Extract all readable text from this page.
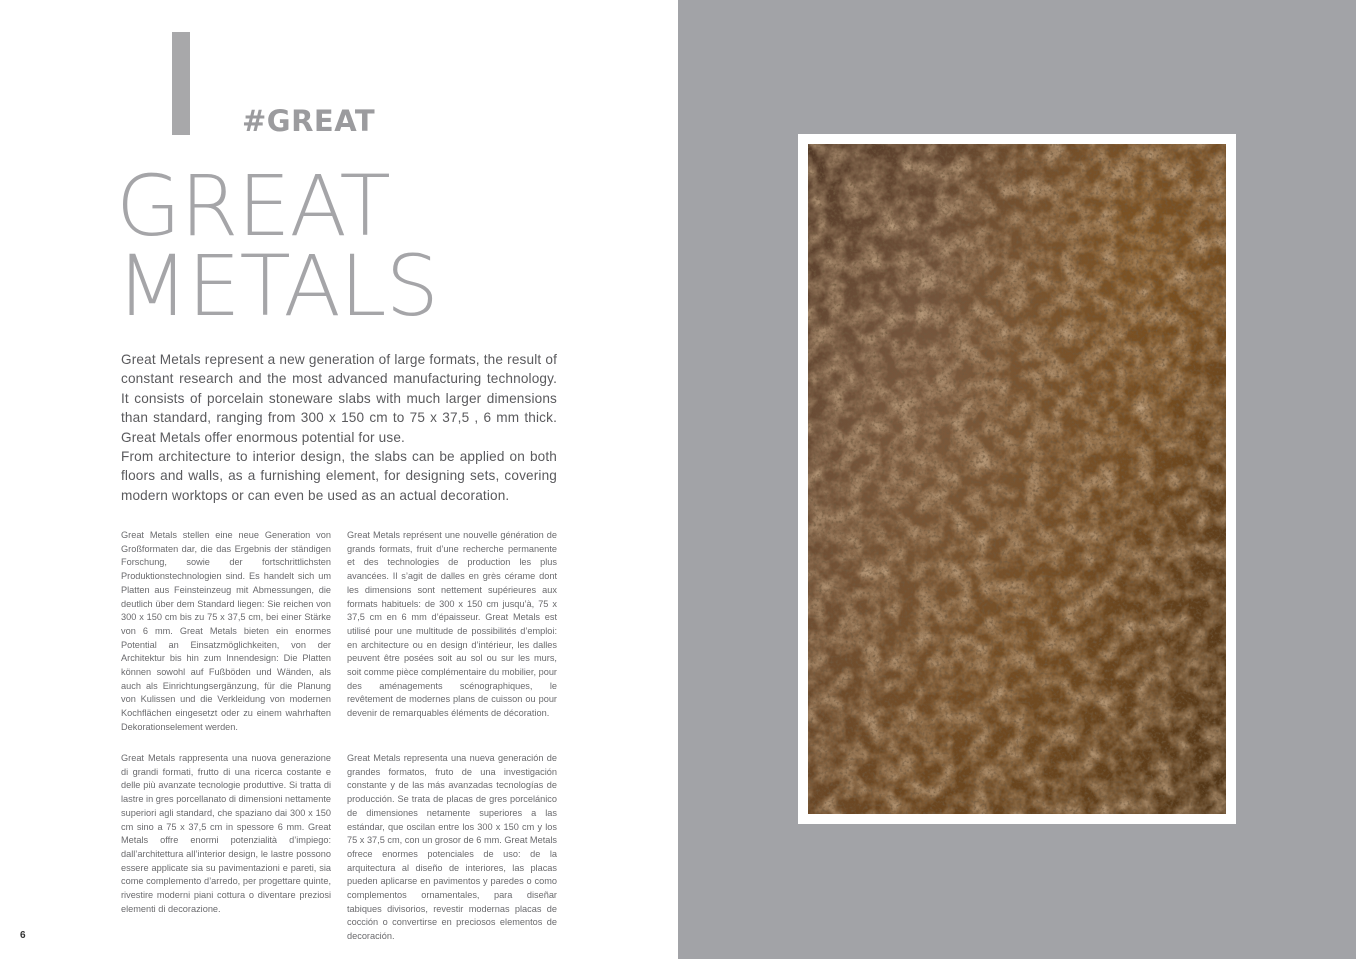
#GREAT
GREAT
METALS

Great Metals represent a new generation of large formats, the result of constant research and the most advanced manufacturing technology. It consists of porcelain stoneware slabs with much larger dimensions than standard, ranging from 300 x 150 cm to 75 x 37,5 , 6 mm thick. Great Metals offer enormous potential for use.

From architecture to interior design, the slabs can be applied on both floors and walls, as a furnishing element, for designing sets, covering modern worktops or can even be used as an actual decoration.

Great Metals stellen eine neue Generation von Großformaten dar, die das Ergebnis der ständigen Forschung, sowie der fortschrittlichsten Produktionstechnologien sind. Es handelt sich um Platten aus Feinsteinzeug mit Abmessungen, die deutlich über dem Standard liegen: Sie reichen von 300 x 150 cm bis zu 75 x 37,5 cm, bei einer Stärke von 6 mm. Great Metals bieten ein enormes Potential an Einsatzmöglichkeiten, von der Architektur bis hin zum Innendesign: Die Platten können sowohl auf Fußböden und Wänden, als auch als Einrichtungsergänzung, für die Planung von Kulissen und die Verkleidung von modernen Kochflächen eingesetzt oder zu einem wahrhaften Dekorationselement werden.

Great Metals représent une nouvelle génération de grands formats, fruit d’une recherche permanente et des technologies de production les plus avancées. Il s’agit de dalles en grès cérame dont les dimensions sont nettement supérieures aux formats habituels: de 300 x 150 cm jusqu’à, 75 x 37,5 cm en 6 mm d’épaisseur. Great Metals est utilisé pour une multitude de possibilités d’emploi: en architecture ou en design d’intérieur, les dalles peuvent être posées soit au sol ou sur les murs, soit comme pièce complémentaire du mobilier, pour des aménagements scénographiques, le revêtement de modernes plans de cuisson ou pour devenir de remarquables éléments de décoration.

Great Metals rappresenta una nuova generazione di grandi formati, frutto di una ricerca costante e delle più avanzate tecnologie produttive. Si tratta di lastre in gres porcellanato di dimensioni nettamente superiori agli standard, che spaziano dai 300 x 150 cm sino a 75 x 37,5 cm in spessore 6 mm. Great Metals offre enormi potenzialità d’impiego: dall’architettura all’interior design, le lastre possono essere applicate sia su pavimentazioni e pareti, sia come complemento d’arredo, per progettare quinte, rivestire moderni piani cottura o diventare preziosi elementi di decorazione.

Great Metals representa una nueva generación de grandes formatos, fruto de una investigación constante y de las más avanzadas tecnologías de producción. Se trata de placas de gres porcelánico de dimensiones netamente superiores a las estándar, que oscilan entre los 300 x 150 cm y los 75 x 37,5 cm, con un grosor de 6 mm. Great Metals ofrece enormes potenciales de uso: de la arquitectura al diseño de interiores, las placas pueden aplicarse en pavimentos y paredes o como complementos ornamentales, para diseñar tabiques divisorios, revestir modernas placas de cocción o convertirse en preciosos elementos de decoración.

6
